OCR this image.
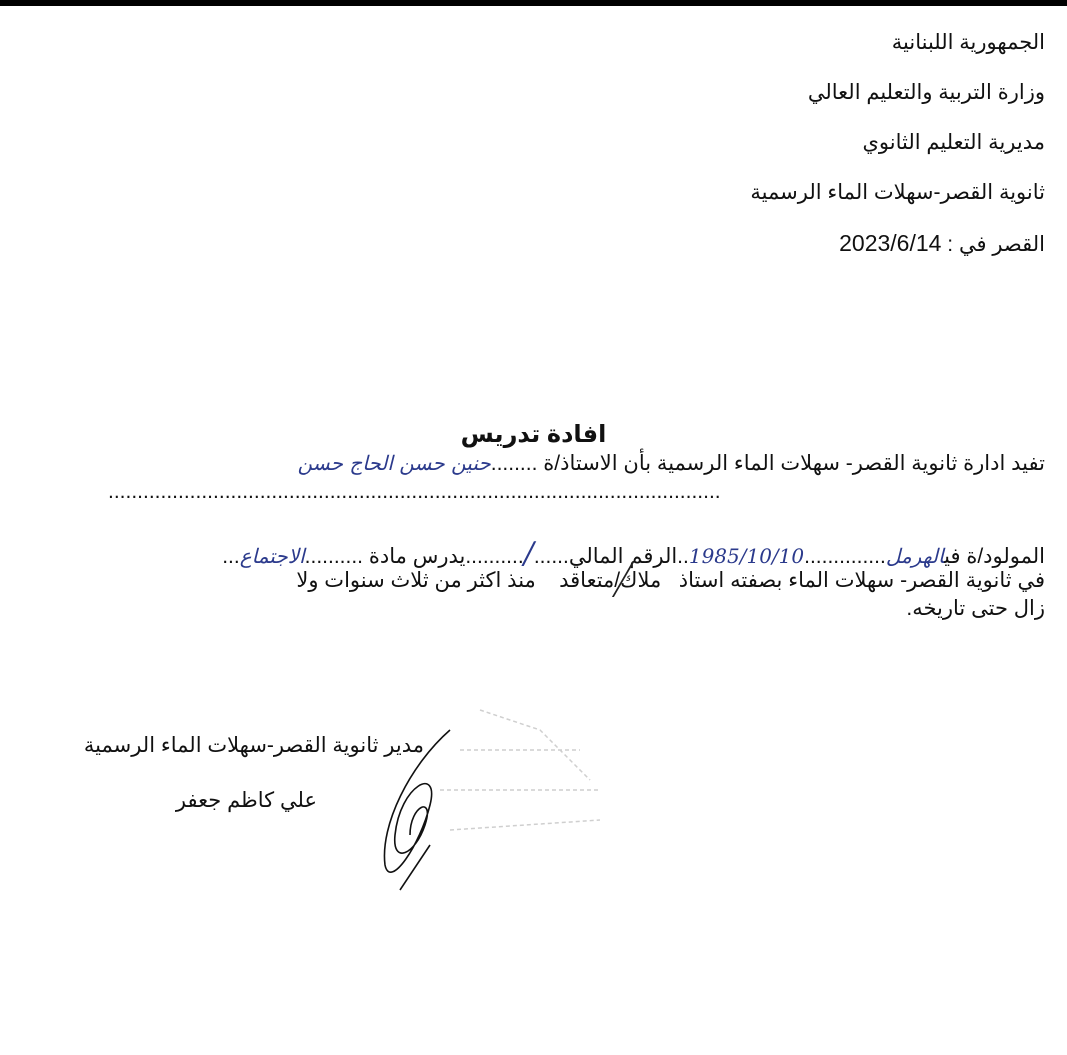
الجمهورية اللبنانية
وزارة التربية والتعليم العالي
مديرية التعليم الثانوي
ثانوية القصر-سهلات الماء الرسمية
القصر في : 2023/6/14
افادة تدريس
تفيد ادارة ثانوية القصر- سهلات الماء الرسمية بأن الاستاذ/ة ........حنين حسن الحاج حسن
.........................................................................................................
المولود/ة فيالهرمل..............1985/10/10..الرقم المالي....../..........يدرس مادة ..........الاجتماع...
في ثانوية القصر- سهلات الماء بصفته استاذ   ملاك/متعاقد    منذ اكثر من ثلاث سنوات ولا
زال حتى تاريخه.
مدير ثانوية القصر-سهلات الماء الرسمية
علي كاظم جعفر
